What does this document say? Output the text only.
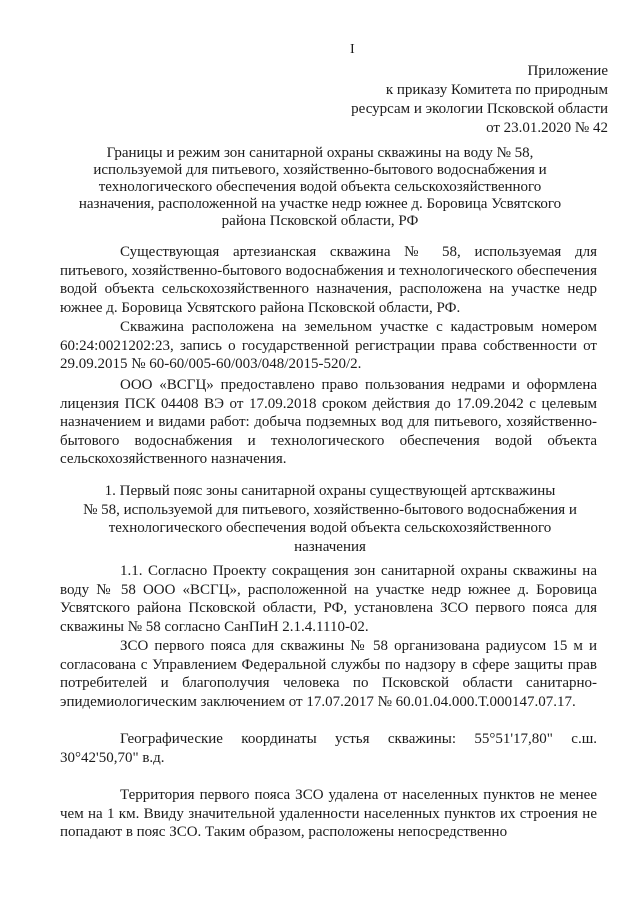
I
Приложение
к приказу Комитета по природным
ресурсам и экологии Псковской области
от 23.01.2020 № 42
Границы и режим зон санитарной охраны скважины на воду № 58,
используемой для питьевого, хозяйственно-бытового водоснабжения и
технологического обеспечения водой объекта сельскохозяйственного
назначения, расположенной на участке недр южнее д. Боровица Усвятского
района Псковской области, РФ
Существующая артезианская скважина № 58, используемая для питьевого, хозяйственно-бытового водоснабжения и технологического обеспечения водой объекта сельскохозяйственного назначения, расположена на участке недр южнее д. Боровица Усвятского района Псковской области, РФ.
Скважина расположена на земельном участке с кадастровым номером 60:24:0021202:23, запись о государственной регистрации права собственности от 29.09.2015 № 60-60/005-60/003/048/2015-520/2.
ООО «ВСГЦ» предоставлено право пользования недрами и оформлена лицензия ПСК 04408 ВЭ от 17.09.2018 сроком действия до 17.09.2042 с целевым назначением и видами работ: добыча подземных вод для питьевого, хозяйственно-бытового водоснабжения и технологического обеспечения водой объекта сельскохозяйственного назначения.
1. Первый пояс зоны санитарной охраны существующей артскважины
№ 58, используемой для питьевого, хозяйственно-бытового водоснабжения и
технологического обеспечения водой объекта сельскохозяйственного
назначения
1.1. Согласно Проекту сокращения зон санитарной охраны скважины на воду № 58 ООО «ВСГЦ», расположенной на участке недр южнее д. Боровица Усвятского района Псковской области, РФ, установлена ЗСО первого пояса для скважины № 58 согласно СанПиН 2.1.4.1110-02.
ЗСО первого пояса для скважины № 58 организована радиусом 15 м и согласована с Управлением Федеральной службы по надзору в сфере защиты прав потребителей и благополучия человека по Псковской области санитарно-эпидемиологическим заключением от 17.07.2017 № 60.01.04.000.Т.000147.07.17.
Географические координаты устья скважины: 55°51'17,80" с.ш. 30°42'50,70" в.д.
Территория первого пояса ЗСО удалена от населенных пунктов не менее чем на 1 км. Ввиду значительной удаленности населенных пунктов их строения не попадают в пояс ЗСО. Таким образом, расположены непосредственно
